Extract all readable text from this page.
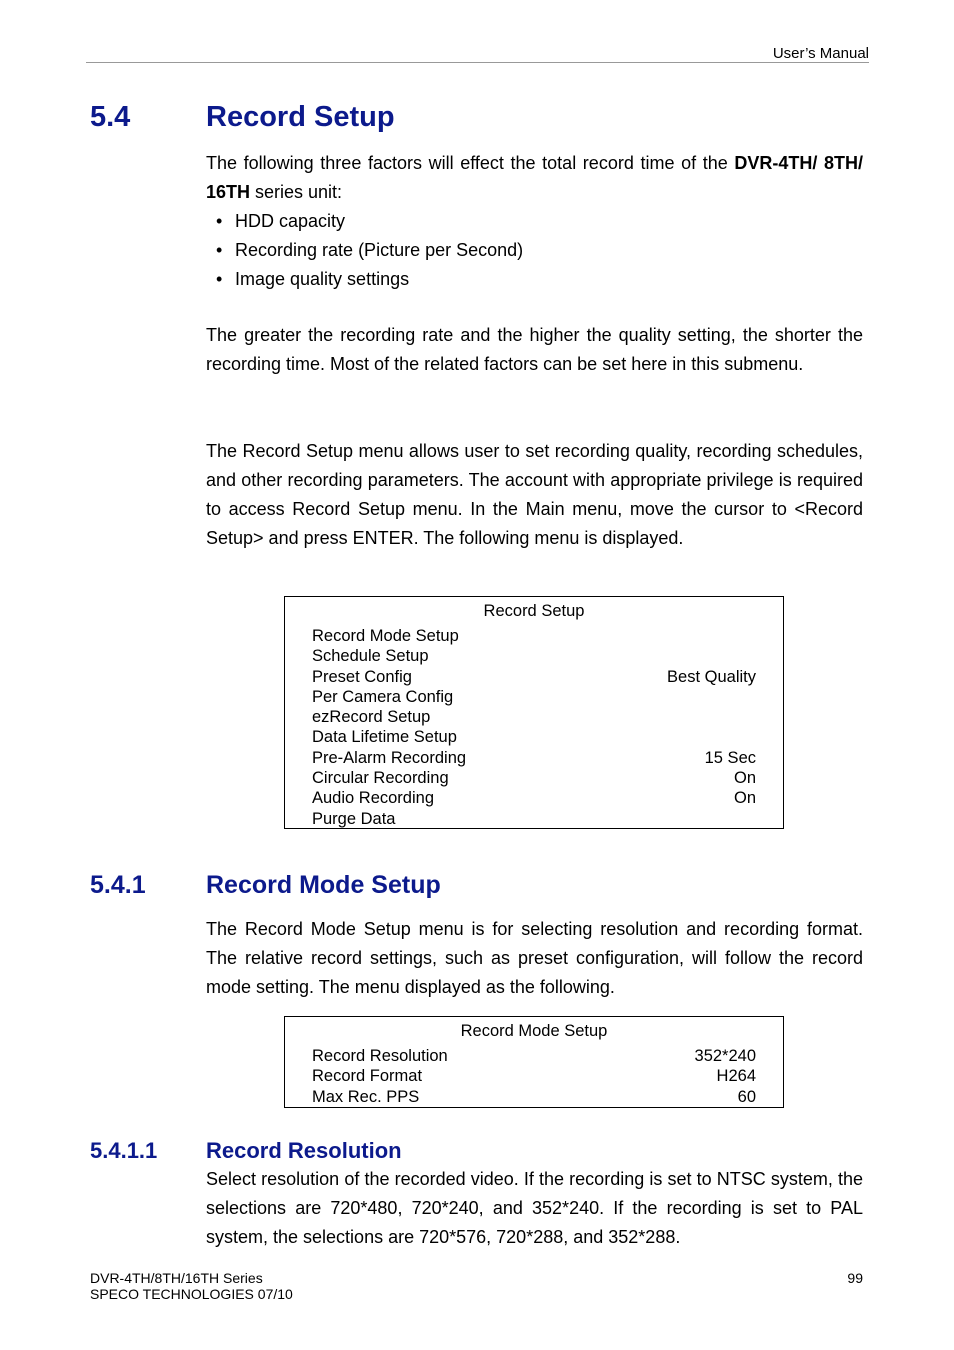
User’s Manual
5.4	Record Setup
The following three factors will effect the total record time of the DVR-4TH/ 8TH/ 16TH series unit:
• HDD capacity
• Recording rate (Picture per Second)
• Image quality settings
The greater the recording rate and the higher the quality setting, the shorter the recording time. Most of the related factors can be set here in this submenu.
The Record Setup menu allows user to set recording quality, recording schedules, and other recording parameters. The account with appropriate privilege is required to access Record Setup menu. In the Main menu, move the cursor to <Record Setup> and press ENTER. The following menu is displayed.
Record Setup
Record Mode Setup
Schedule Setup
Preset Config	Best Quality
Per Camera Config
ezRecord Setup
Data Lifetime Setup
Pre-Alarm Recording	15 Sec
Circular Recording	On
Audio Recording	On
Purge Data
5.4.1 Record Mode Setup
The Record Mode Setup menu is for selecting resolution and recording format. The relative record settings, such as preset configuration, will follow the record mode setting. The menu displayed as the following.
Record Mode Setup
Record Resolution	352*240
Record Format	H264
Max Rec. PPS	60
5.4.1.1 Record Resolution
Select resolution of the recorded video. If the recording is set to NTSC system, the selections are 720*480, 720*240, and 352*240. If the recording is set to PAL system, the selections are 720*576, 720*288, and 352*288.
DVR-4TH/8TH/16TH Series
SPECO TECHNOLOGIES 07/10
99
